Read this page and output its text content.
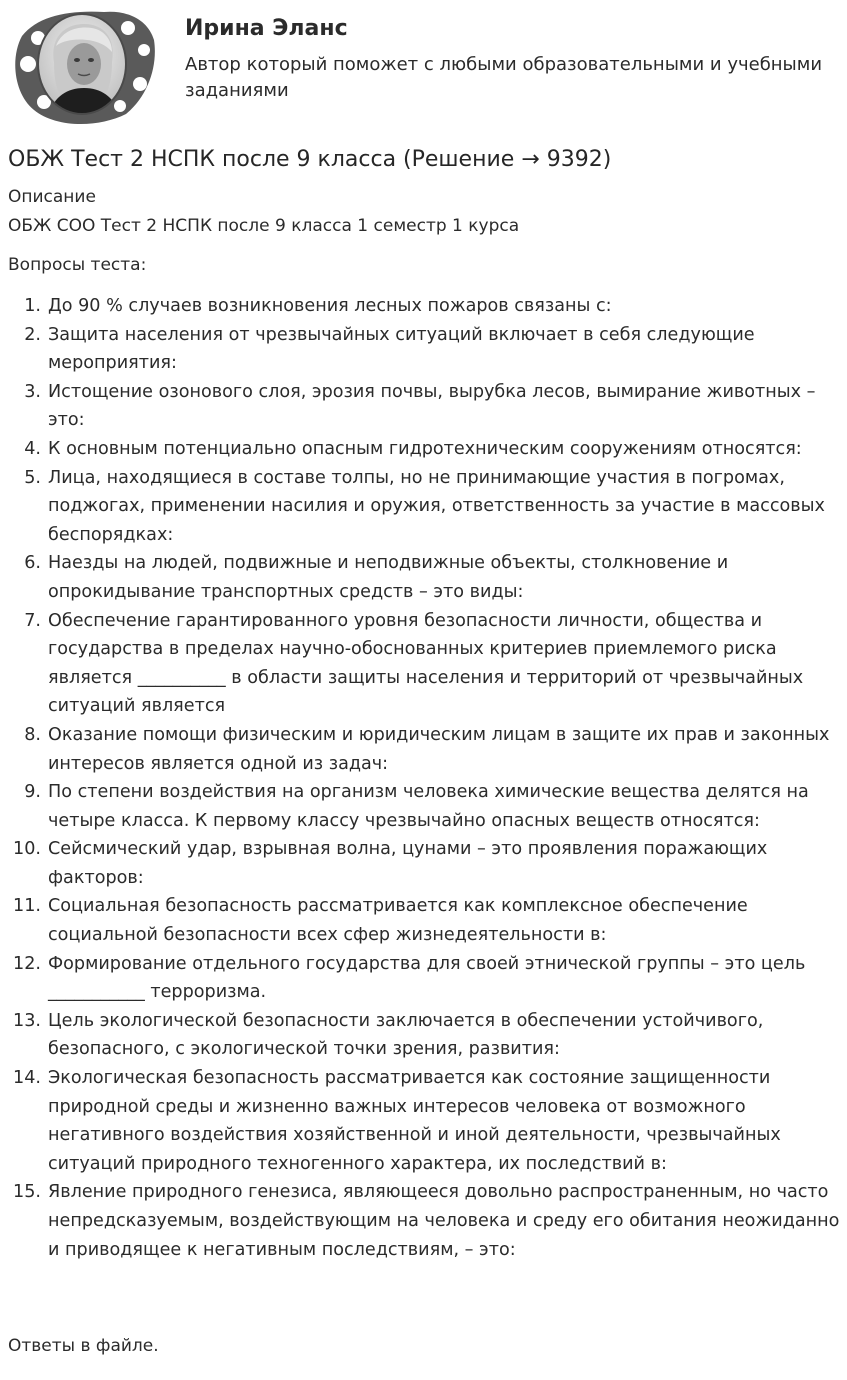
Ирина Эланс
Автор который поможет с любыми образовательными и учебными заданиями
ОБЖ Тест 2 НСПК после 9 класса (Решение → 9392)
Описание
ОБЖ СОО Тест 2 НСПК после 9 класса 1 семестр 1 курса
Вопросы теста:
До 90 % случаев возникновения лесных пожаров связаны с:
Защита населения от чрезвычайных ситуаций включает в себя следующие мероприятия:
Истощение озонового слоя, эрозия почвы, вырубка лесов, вымирание животных – это:
К основным потенциально опасным гидротехническим сооружениям относятся:
Лица, находящиеся в составе толпы, но не принимающие участия в погромах, поджогах, применении насилия и оружия, ответственность за участие в массовых беспорядках:
Наезды на людей, подвижные и неподвижные объекты, столкновение и опрокидывание транспортных средств – это виды:
Обеспечение гарантированного уровня безопасности личности, общества и государства в пределах научно-обоснованных критериев приемлемого риска является __________ в области защиты населения и территорий от чрезвычайных ситуаций является
Оказание помощи физическим и юридическим лицам в защите их прав и законных интересов является одной из задач:
По степени воздействия на организм человека химические вещества делятся на четыре класса. К первому классу чрезвычайно опасных веществ относятся:
Сейсмический удар, взрывная волна, цунами – это проявления поражающих факторов:
Социальная безопасность рассматривается как комплексное обеспечение социальной безопасности всех сфер жизнедеятельности в:
Формирование отдельного государства для своей этнической группы – это цель ___________ терроризма.
Цель экологической безопасности заключается в обеспечении устойчивого, безопасного, с экологической точки зрения, развития:
Экологическая безопасность рассматривается как состояние защищенности природной среды и жизненно важных интересов человека от возможного негативного воздействия хозяйственной и иной деятельности, чрезвычайных ситуаций природного техногенного характера, их последствий в:
Явление природного генезиса, являющееся довольно распространенным, но часто непредсказуемым, воздействующим на человека и среду его обитания неожиданно и приводящее к негативным последствиям, – это:
Ответы в файле.
